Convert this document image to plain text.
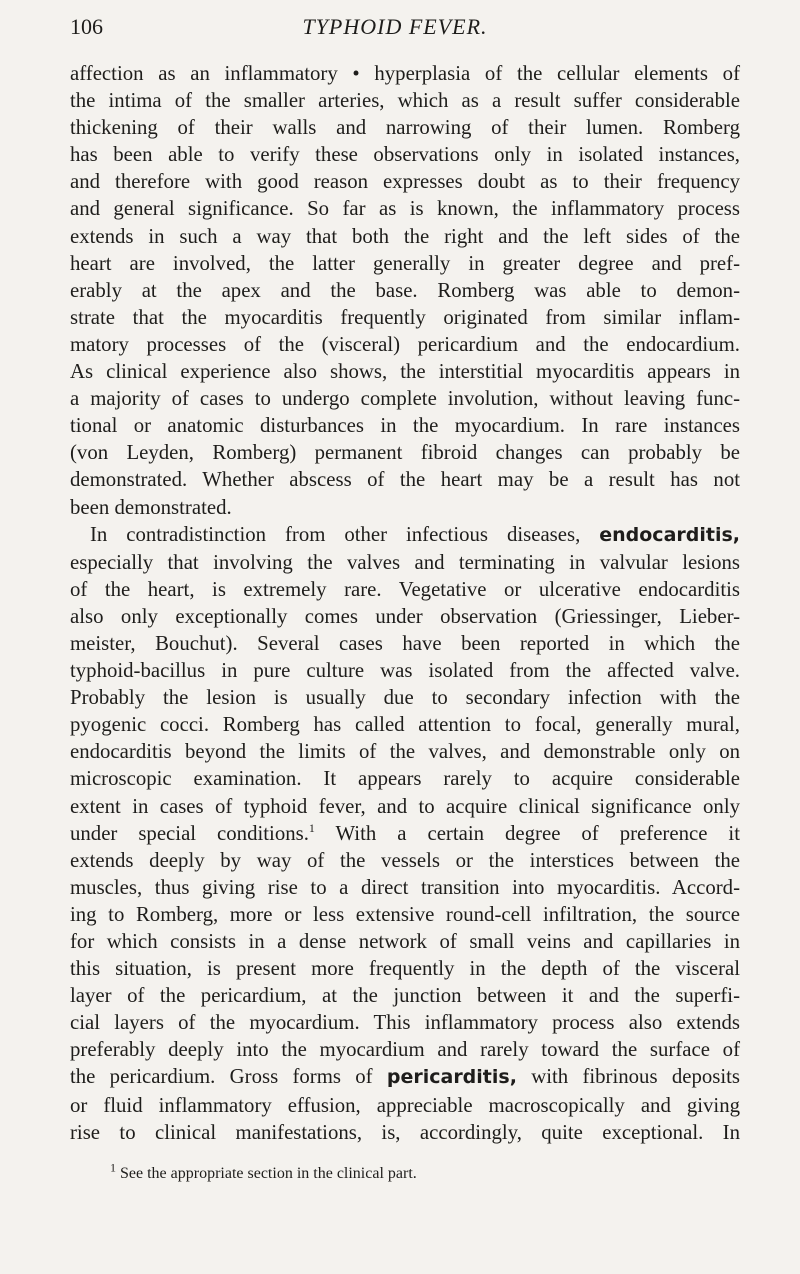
106	TYPHOID FEVER.
affection as an inflammatory • hyperplasia of the cellular elements of
the intima of the smaller arteries, which as a result suffer considerable
thickening of their walls and narrowing of their lumen. Romberg
has been able to verify these observations only in isolated instances,
and therefore with good reason expresses doubt as to their frequency
and general significance. So far as is known, the inflammatory process
extends in such a way that both the right and the left sides of the
heart are involved, the latter generally in greater degree and pref-
erably at the apex and the base. Romberg was able to demon-
strate that the myocarditis frequently originated from similar inflam-
matory processes of the (visceral) pericardium and the endocardium.
As clinical experience also shows, the interstitial myocarditis appears in
a majority of cases to undergo complete involution, without leaving func-
tional or anatomic disturbances in the myocardium. In rare instances
(von Leyden, Romberg) permanent fibroid changes can probably be
demonstrated. Whether abscess of the heart may be a result has not
been demonstrated.
In contradistinction from other infectious diseases, endocarditis,
especially that involving the valves and terminating in valvular lesions
of the heart, is extremely rare. Vegetative or ulcerative endocarditis
also only exceptionally comes under observation (Griessinger, Lieber-
meister, Bouchut). Several cases have been reported in which the
typhoid-bacillus in pure culture was isolated from the affected valve.
Probably the lesion is usually due to secondary infection with the
pyogenic cocci. Romberg has called attention to focal, generally mural,
endocarditis beyond the limits of the valves, and demonstrable only on
microscopic examination. It appears rarely to acquire considerable
extent in cases of typhoid fever, and to acquire clinical significance only
under special conditions.$^1$ With a certain degree of preference it
extends deeply by way of the vessels or the interstices between the
muscles, thus giving rise to a direct transition into myocarditis. Accord-
ing to Romberg, more or less extensive round-cell infiltration, the source
for which consists in a dense network of small veins and capillaries in
this situation, is present more frequently in the depth of the visceral
layer of the pericardium, at the junction between it and the superfi-
cial layers of the myocardium. This inflammatory process also extends
preferably deeply into the myocardium and rarely toward the surface of
the pericardium. Gross forms of pericarditis, with fibrinous deposits
or fluid inflammatory effusion, appreciable macroscopically and giving
rise to clinical manifestations, is, accordingly, quite exceptional. In
$^1$ See the appropriate section in the clinical part.
